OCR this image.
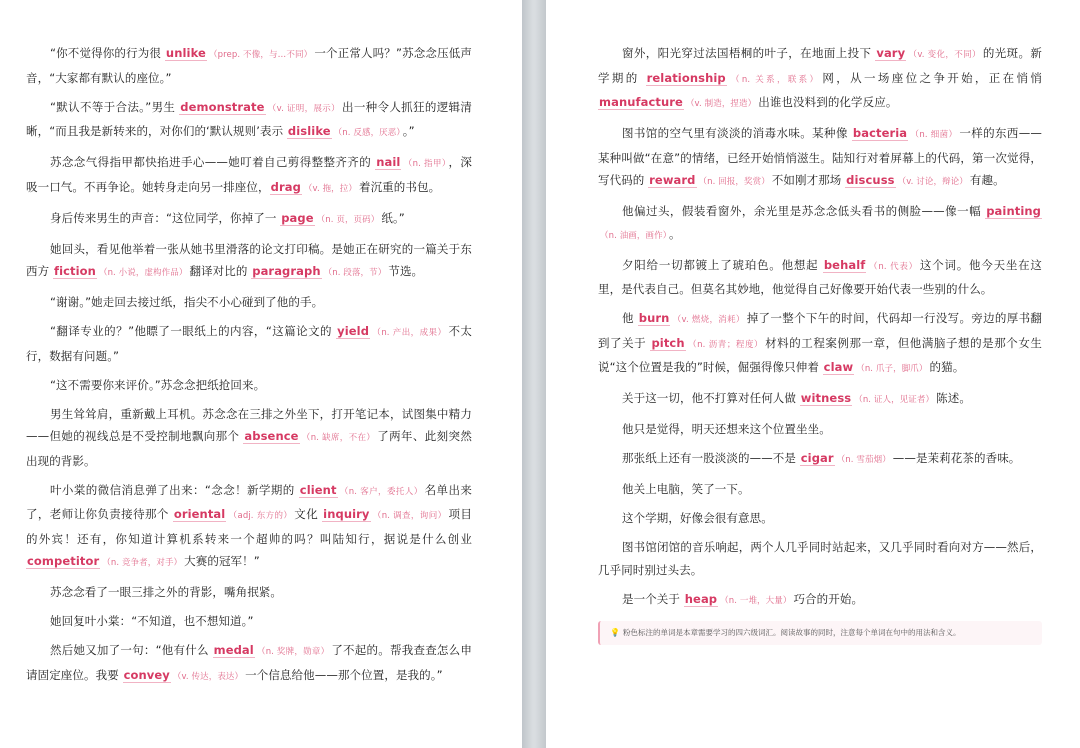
“你不觉得你的行为很 unlike （prep. 不像，与…不同） 一个正常人吗？”苏念念压低声音，“大家都有默认的座位。”

“默认不等于合法。”男生 demonstrate （v. 证明，展示） 出一种令人抓狂的逻辑清晰，“而且我是新转来的，对你们的‘默认规则’表示 dislike （n. 反感，厌恶） 。”

苏念念气得指甲都快掐进手心——她叮着自己剪得整整齐齐的 nail （n. 指甲） ，深吸一口气。不再争论。她转身走向另一排座位，drag （v. 拖，拉） 着沉重的书包。

身后传来男生的声音：“这位同学，你掉了一 page （n. 页，页码） 纸。”

她回头，看见他举着一张从她书里滑落的论文打印稿。是她正在研究的一篇关于东西方 fiction （n. 小说，虚构作品） 翻译对比的 paragraph （n. 段落，节） 节选。

“谢谢。”她走回去接过纸，指尖不小心碰到了他的手。

“翻译专业的？”他瞟了一眼纸上的内容，“这篇论文的 yield （n. 产出，成果） 不太行，数据有问题。”

“这不需要你来评价。”苏念念把纸抢回来。

男生耸耸肩，重新戴上耳机。苏念念在三排之外坐下，打开笔记本，试图集中精力——但她的视线总是不受控制地飘向那个 absence （n. 缺席，不在） 了两年、此刻突然出现的背影。

叶小棠的微信消息弹了出来：“念念！新学期的 client （n. 客户，委托人） 名单出来了，老师让你负责接待那个 oriental （adj. 东方的） 文化 inquiry （n. 调查，询问） 项目的外宾！还有，你知道计算机系转来一个超帅的吗？叫陆知行，据说是什么创业 competitor （n. 竞争者，对手） 大赛的冠军！”

苏念念看了一眼三排之外的背影，嘴角抿紧。

她回复叶小棠：“不知道，也不想知道。”

然后她又加了一句：“他有什么 medal （n. 奖牌，勋章） 了不起的。帮我查查怎么申请固定座位。我要 convey （v. 传达，表达） 一个信息给他——那个位置，是我的。”

窗外，阳光穿过法国梧桐的叶子，在地面上投下 vary （v. 变化，不同） 的光斑。新学期的 relationship （n. 关系，联系） 网，从一场座位之争开始，正在悄悄 manufacture （v. 制造，捏造） 出谁也没料到的化学反应。

图书馆的空气里有淡淡的消毒水味。某种像 bacteria （n. 细菌） 一样的东西——某种叫做“在意”的情绪，已经开始悄悄滋生。陆知行对着屏幕上的代码，第一次觉得，写代码的 reward （n. 回报，奖赏） 不如刚才那场 discuss （v. 讨论，辩论） 有趣。

他偏过头，假装看窗外，余光里是苏念念低头看书的侧脸——像一幅 painting（n. 油画，画作） 。

夕阳给一切都镀上了琥珀色。他想起 behalf （n. 代表） 这个词。他今天坐在这里，是代表自己。但莫名其妙地，他觉得自己好像要开始代表一些别的什么。

他 burn （v. 燃烧，消耗） 掉了一整个下午的时间，代码却一行没写。旁边的厚书翻到了关于 pitch （n. 沥青；程度） 材料的工程案例那一章，但他满脑子想的是那个女生说“这个位置是我的”时候，倔强得像只伸着 claw （n. 爪子，脚爪） 的猫。

关于这一切，他不打算对任何人做 witness （n. 证人，见证者） 陈述。

他只是觉得，明天还想来这个位置坐坐。

那张纸上还有一股淡淡的——不是 cigar （n. 雪茄烟） ——是茉莉花茶的香味。

他关上电脑，笑了一下。

这个学期，好像会很有意思。

图书馆闭馆的音乐响起，两个人几乎同时站起来，又几乎同时看向对方——然后，几乎同时别过头去。

是一个关于 heap （n. 一堆，大量） 巧合的开始。

💡 粉色标注的单词是本章需要学习的四六级词汇。阅读故事的同时，注意每个单词在句中的用法和含义。
